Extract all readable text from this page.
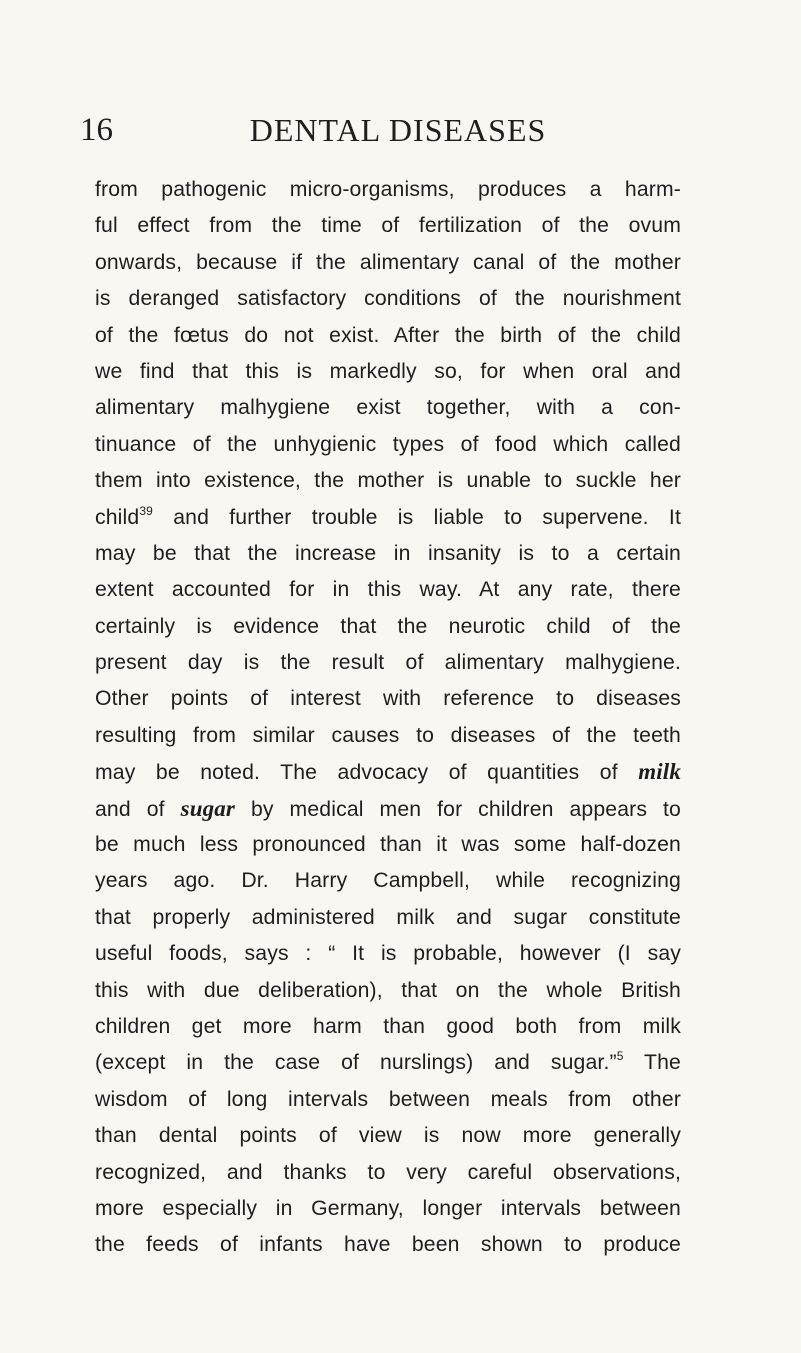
16	DENTAL DISEASES
from pathogenic micro-organisms, produces a harm-
ful effect from the time of fertilization of the ovum
onwards, because if the alimentary canal of the mother
is deranged satisfactory conditions of the nourishment
of the fœtus do not exist. After the birth of the child
we find that this is markedly so, for when oral and
alimentary malhygiene exist together, with a con-
tinuance of the unhygienic types of food which called
them into existence, the mother is unable to suckle her
child$^{39}$ and further trouble is liable to supervene. It
may be that the increase in insanity is to a certain
extent accounted for in this way. At any rate, there
certainly is evidence that the neurotic child of the
present day is the result of alimentary malhygiene.
Other points of interest with reference to diseases
resulting from similar causes to diseases of the teeth
may be noted. The advocacy of quantities of milk
and of sugar by medical men for children appears to
be much less pronounced than it was some half-dozen
years ago. Dr. Harry Campbell, while recognizing
that properly administered milk and sugar constitute
useful foods, says : “ It is probable, however (I say
this with due deliberation), that on the whole British
children get more harm than good both from milk
(except in the case of nurslings) and sugar.”$^5$ The
wisdom of long intervals between meals from other
than dental points of view is now more generally
recognized, and thanks to very careful observations,
more especially in Germany, longer intervals between
the feeds of infants have been shown to produce
